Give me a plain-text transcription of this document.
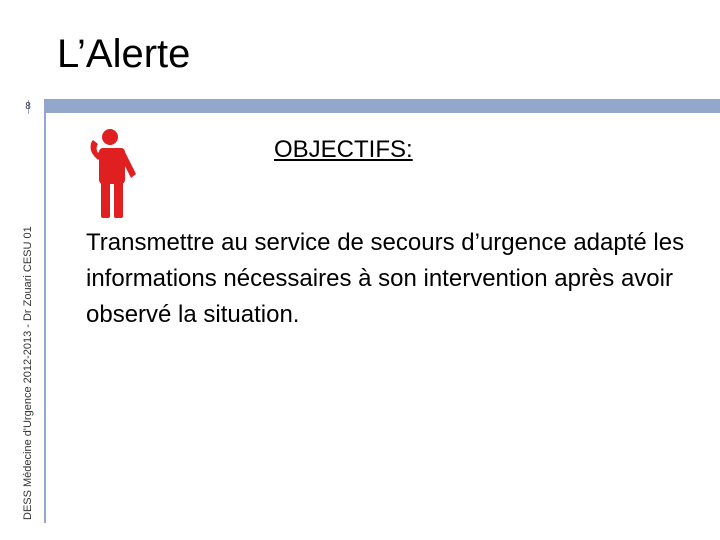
L’Alerte
8
DESS Médecine d'Urgence 2012-2013 - Dr Zouari CESU 01
OBJECTIFS:

Transmettre au service de secours d’urgence adapté les informations nécessaires à son intervention après avoir observé la situation.
